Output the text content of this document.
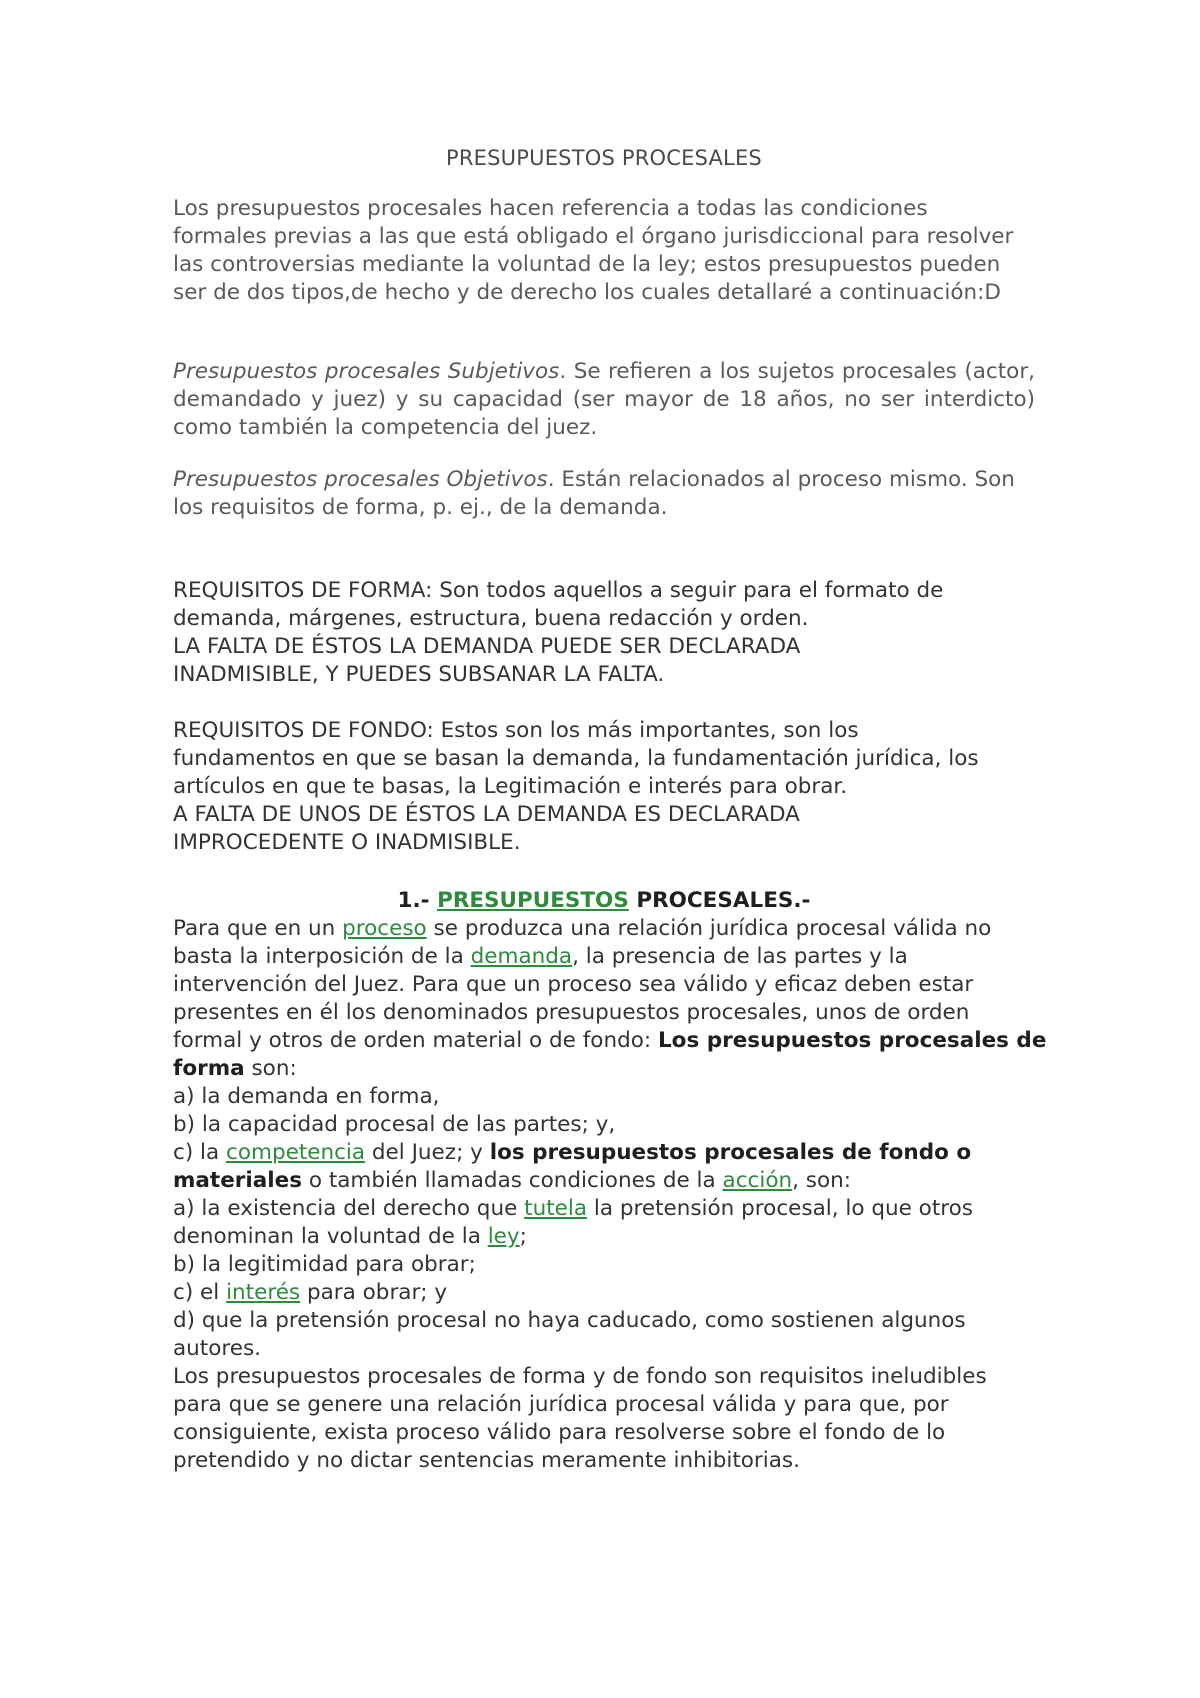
PRESUPUESTOS PROCESALES
Los presupuestos procesales hacen referencia a todas las condiciones
formales previas a las que está obligado el órgano jurisdiccional para resolver
las controversias mediante la voluntad de la ley; estos presupuestos pueden
ser de dos tipos,de hecho y de derecho los cuales detallaré a continuación:D

Presupuestos procesales Subjetivos. Se refieren a los sujetos procesales (actor, demandado y juez) y su capacidad (ser mayor de 18 años, no ser interdicto) como también la competencia del juez.

Presupuestos procesales Objetivos. Están relacionados al proceso mismo. Son los requisitos de forma, p. ej., de la demanda.

REQUISITOS DE FORMA: Son todos aquellos a seguir para el formato de
demanda, márgenes, estructura, buena redacción y orden.
LA FALTA DE ÉSTOS LA DEMANDA PUEDE SER DECLARADA
INADMISIBLE, Y PUEDES SUBSANAR LA FALTA.
REQUISITOS DE FONDO: Estos son los más importantes, son los
fundamentos en que se basan la demanda, la fundamentación jurídica, los
artículos en que te basas, la Legitimación e interés para obrar.
A FALTA DE UNOS DE ÉSTOS LA DEMANDA ES DECLARADA
IMPROCEDENTE O INADMISIBLE.
1.- PRESUPUESTOS PROCESALES.-
Para que en un proceso se produzca una relación jurídica procesal válida no
basta la interposición de la demanda, la presencia de las partes y la
intervención del Juez. Para que un proceso sea válido y eficaz deben estar
presentes en él los denominados presupuestos procesales, unos de orden
formal y otros de orden material o de fondo: Los presupuestos procesales de
forma son:
a) la demanda en forma,
b) la capacidad procesal de las partes; y,
c) la competencia del Juez; y los presupuestos procesales de fondo o
materiales o también llamadas condiciones de la acción, son:
a) la existencia del derecho que tutela la pretensión procesal, lo que otros
denominan la voluntad de la ley;
b) la legitimidad para obrar;
c) el interés para obrar; y
d) que la pretensión procesal no haya caducado, como sostienen algunos
autores.
Los presupuestos procesales de forma y de fondo son requisitos ineludibles
para que se genere una relación jurídica procesal válida y para que, por
consiguiente, exista proceso válido para resolverse sobre el fondo de lo
pretendido y no dictar sentencias meramente inhibitorias.
